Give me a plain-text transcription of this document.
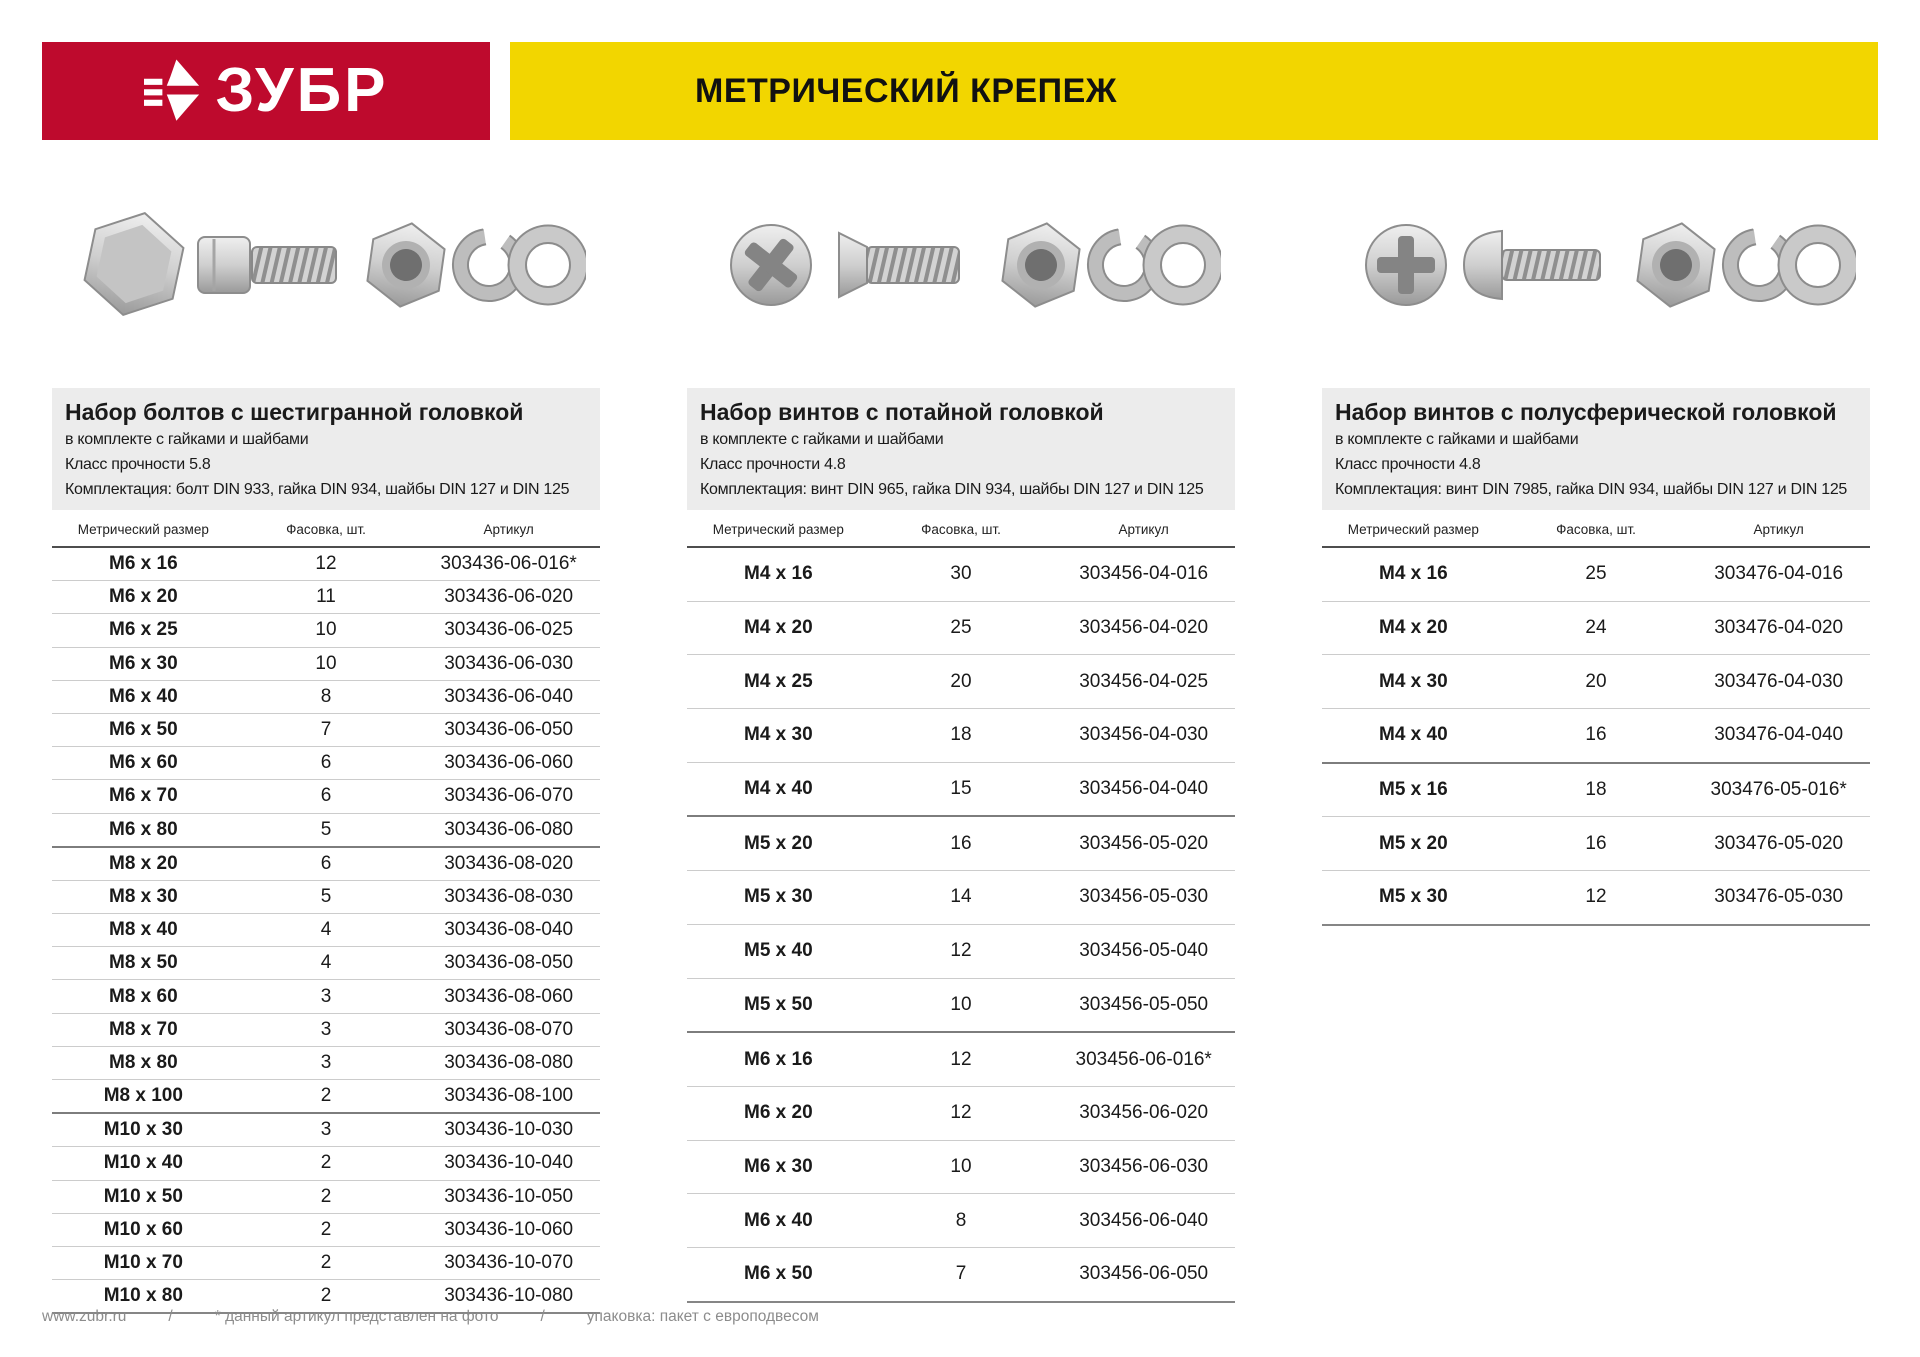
ЗУБР	МЕТРИЧЕСКИЙ КРЕПЕЖ
Набор болтов с шестигранной головкой
в комплекте с гайками и шайбами
Класс прочности 5.8
Комплектация: болт DIN 933, гайка DIN 934, шайбы DIN 127 и DIN 125
Метрический размер	Фасовка, шт.	Артикул
М6 х 16	12	303436-06-016*
М6 х 20	11	303436-06-020
М6 х 25	10	303436-06-025
М6 х 30	10	303436-06-030
М6 х 40	8	303436-06-040
М6 х 50	7	303436-06-050
М6 х 60	6	303436-06-060
М6 х 70	6	303436-06-070
М6 х 80	5	303436-06-080
М8 х 20	6	303436-08-020
М8 х 30	5	303436-08-030
М8 х 40	4	303436-08-040
М8 х 50	4	303436-08-050
М8 х 60	3	303436-08-060
М8 х 70	3	303436-08-070
М8 х 80	3	303436-08-080
М8 х 100	2	303436-08-100
М10 х 30	3	303436-10-030
М10 х 40	2	303436-10-040
М10 х 50	2	303436-10-050
М10 х 60	2	303436-10-060
М10 х 70	2	303436-10-070
М10 х 80	2	303436-10-080
Набор винтов с потайной головкой
в комплекте с гайками и шайбами
Класс прочности 4.8
Комплектация: винт DIN 965, гайка DIN 934, шайбы DIN 127 и DIN 125
Метрический размер	Фасовка, шт.	Артикул
М4 х 16	30	303456-04-016
М4 х 20	25	303456-04-020
М4 х 25	20	303456-04-025
М4 х 30	18	303456-04-030
М4 х 40	15	303456-04-040
М5 х 20	16	303456-05-020
М5 х 30	14	303456-05-030
М5 х 40	12	303456-05-040
М5 х 50	10	303456-05-050
М6 х 16	12	303456-06-016*
М6 х 20	12	303456-06-020
М6 х 30	10	303456-06-030
М6 х 40	8	303456-06-040
М6 х 50	7	303456-06-050
Набор винтов с полусферической головкой
в комплекте с гайками и шайбами
Класс прочности 4.8
Комплектация: винт DIN 7985, гайка DIN 934, шайбы DIN 127 и DIN 125
Метрический размер	Фасовка, шт.	Артикул
М4 х 16	25	303476-04-016
М4 х 20	24	303476-04-020
М4 х 30	20	303476-04-030
М4 х 40	16	303476-04-040
М5 х 16	18	303476-05-016*
М5 х 20	16	303476-05-020
М5 х 30	12	303476-05-030
www.zubr.ru	/	* данный артикул представлен на фото	/	упаковка: пакет с европодвесом
